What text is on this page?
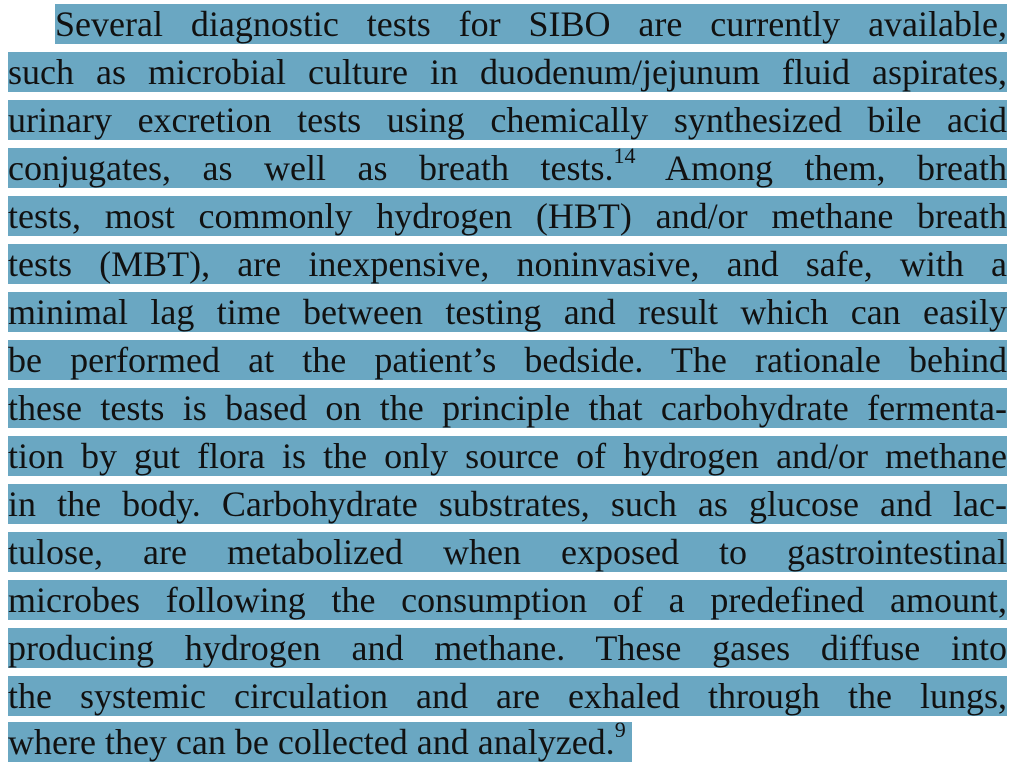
Several diagnostic tests for SIBO are currently available,
such as microbial culture in duodenum/jejunum fluid aspirates,
urinary excretion tests using chemically synthesized bile acid
conjugates, as well as breath tests.$^{14}$ Among them, breath
tests, most commonly hydrogen (HBT) and/or methane breath
tests (MBT), are inexpensive, noninvasive, and safe, with a
minimal lag time between testing and result which can easily
be performed at the patient’s bedside. The rationale behind
these tests is based on the principle that carbohydrate fermenta-
tion by gut flora is the only source of hydrogen and/or methane
in the body. Carbohydrate substrates, such as glucose and lac-
tulose, are metabolized when exposed to gastrointestinal
microbes following the consumption of a predefined amount,
producing hydrogen and methane. These gases diffuse into
the systemic circulation and are exhaled through the lungs,
where they can be collected and analyzed.$^9$
